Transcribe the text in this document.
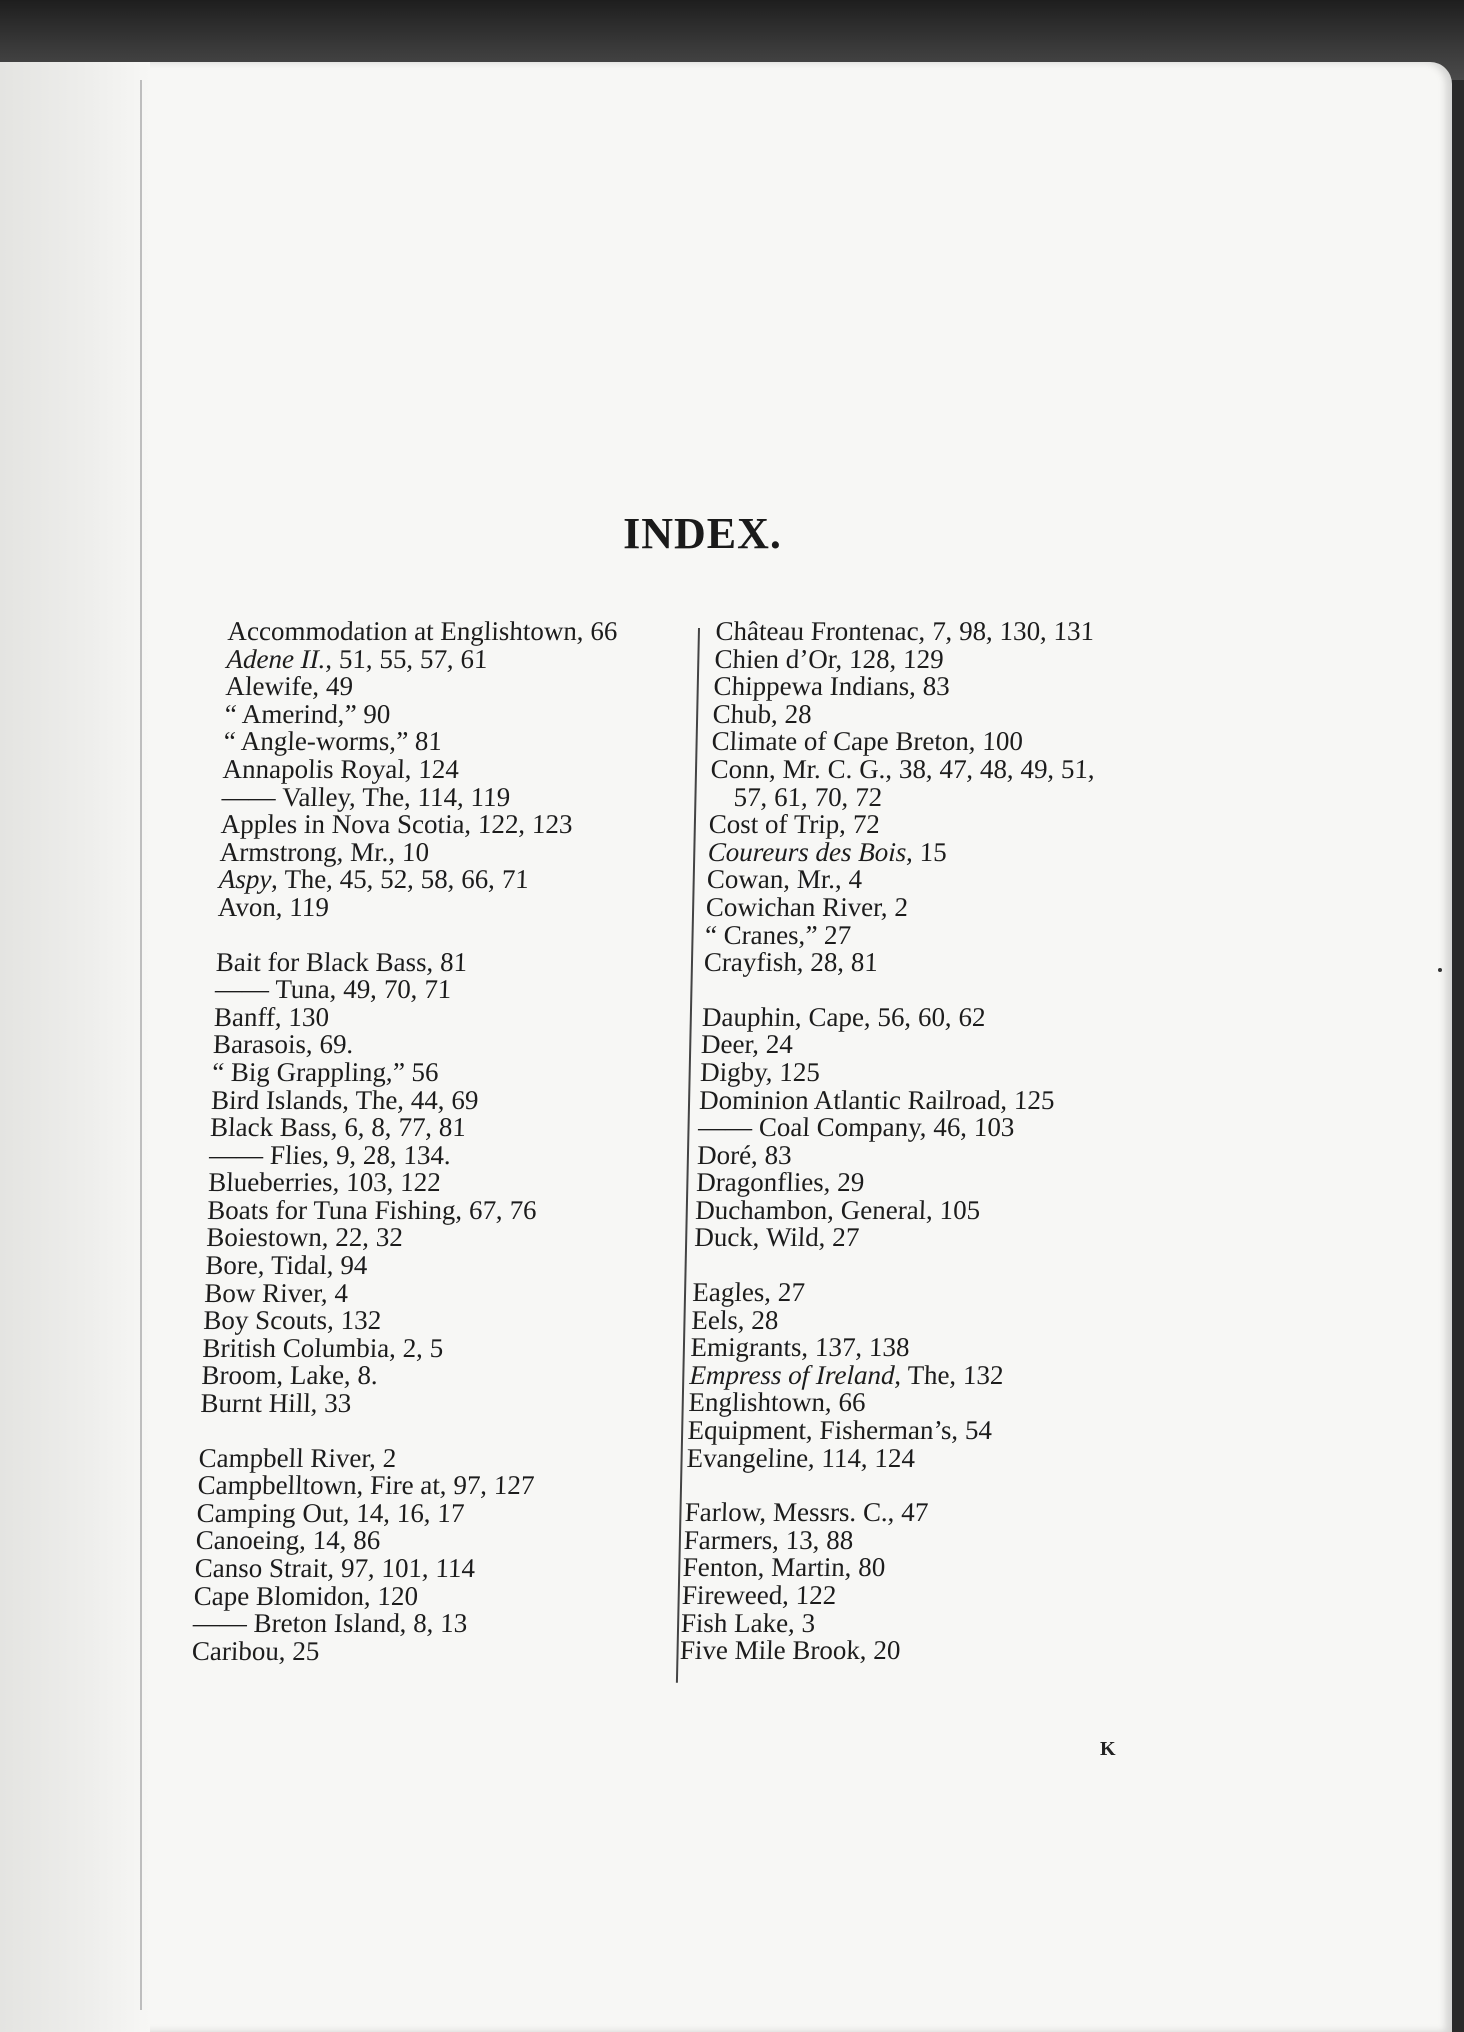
INDEX.
Accommodation at Englishtown, 66
Adene II., 51, 55, 57, 61
Alewife, 49
“ Amerind,” 90
“ Angle-worms,” 81
Annapolis Royal, 124
—— Valley, The, 114, 119
Apples in Nova Scotia, 122, 123
Armstrong, Mr., 10
Aspy, The, 45, 52, 58, 66, 71
Avon, 119
Bait for Black Bass, 81
—— Tuna, 49, 70, 71
Banff, 130
Barasois, 69.
“ Big Grappling,” 56
Bird Islands, The, 44, 69
Black Bass, 6, 8, 77, 81
—— Flies, 9, 28, 134.
Blueberries, 103, 122
Boats for Tuna Fishing, 67, 76
Boiestown, 22, 32
Bore, Tidal, 94
Bow River, 4
Boy Scouts, 132
British Columbia, 2, 5
Broom, Lake, 8.
Burnt Hill, 33
Campbell River, 2
Campbelltown, Fire at, 97, 127
Camping Out, 14, 16, 17
Canoeing, 14, 86
Canso Strait, 97, 101, 114
Cape Blomidon, 120
—— Breton Island, 8, 13
Caribou, 25
Château Frontenac, 7, 98, 130, 131
Chien d’Or, 128, 129
Chippewa Indians, 83
Chub, 28
Climate of Cape Breton, 100
Conn, Mr. C. G., 38, 47, 48, 49, 51,
57, 61, 70, 72
Cost of Trip, 72
Coureurs des Bois, 15
Cowan, Mr., 4
Cowichan River, 2
“ Cranes,” 27
Crayfish, 28, 81
Dauphin, Cape, 56, 60, 62
Deer, 24
Digby, 125
Dominion Atlantic Railroad, 125
—— Coal Company, 46, 103
Doré, 83
Dragonflies, 29
Duchambon, General, 105
Duck, Wild, 27
Eagles, 27
Eels, 28
Emigrants, 137, 138
Empress of Ireland, The, 132
Englishtown, 66
Equipment, Fisherman’s, 54
Evangeline, 114, 124
Farlow, Messrs. C., 47
Farmers, 13, 88
Fenton, Martin, 80
Fireweed, 122
Fish Lake, 3
Five Mile Brook, 20
K
